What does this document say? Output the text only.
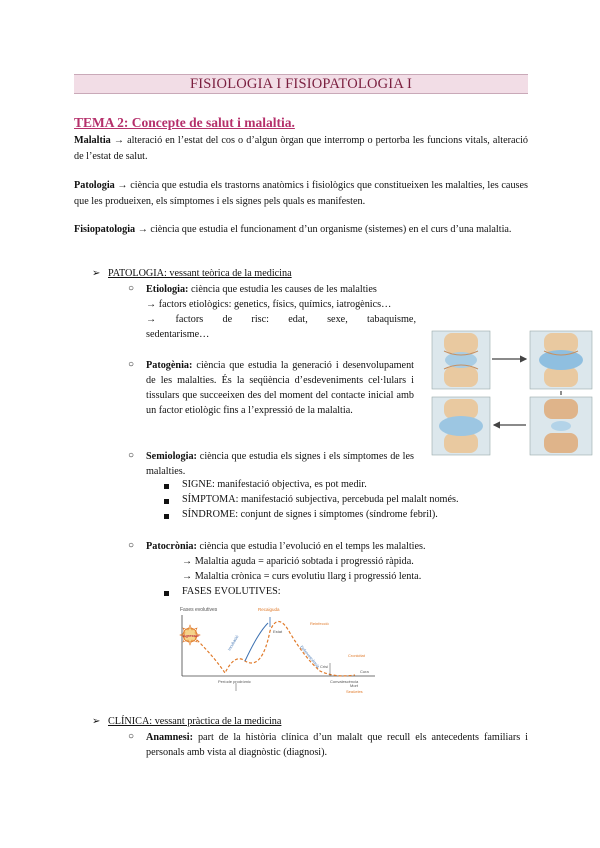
FISIOLOGIA I FISIOPATOLOGIA I
TEMA 2: Concepte de salut i malaltia.
Malaltia → alteració en l’estat del cos o d’algun òrgan que interromp o pertorba les funcions vitals, alteració de l’estat de salut.
Patologia → ciència que estudia els trastorns anatòmics i fisiològics que constitueixen les malalties, les causes que les produeixen, els símptomes i els signes pels quals es manifesten.
Fisiopatologia → ciència que estudia el funcionament d’un organisme (sistemes) en el curs d’una malaltia.
➢ PATOLOGIA: vessant teòrica de la medicina
○ Etiologia: ciència que estudia les causes de les malalties
→ factors etiològics: genetics, físics, químics, iatrogènics…
→ factors de risc: edat, sexe, tabaquisme, sedentarisme…
○ Patogènia: ciència que estudia la generació i desenvolupament de les malalties. És la seqüència d’esdeveniments cel·lulars i tissulars que succeeixen des del moment del contacte inicial amb un factor etiològic fins a l’expressió de la malaltia.
○ Semiologia: ciència que estudia els signes i els símptomes de les malalties.
SIGNE: manifestació objectiva, es pot medir.
SÍMPTOMA: manifestació subjectiva, percebuda pel malalt només.
SÍNDROME: conjunt de signes i símptomes (síndrome febril).
○ Patocrònia: ciència que estudia l’evolució en el temps les malalties.
→ Malaltia aguda = aparició sobtada i progressió ràpida.
→ Malaltia crònica = curs evolutiu llarg i progressió lenta.
FASES EVOLUTIVES:
Fases evolutives
Agressió	Incubació
Període prodròmic
Recaiguda
Estat
Reinfecció
Defervescència Crisi
Cronicitat
Cura
Convalescència
Mort
Seqüeles
➢ CLÍNICA: vessant pràctica de la medicina
○ Anamnesi: part de la història clínica d’un malalt que recull els antecedents familiars i personals amb vista al diagnòstic (diagnosi).
